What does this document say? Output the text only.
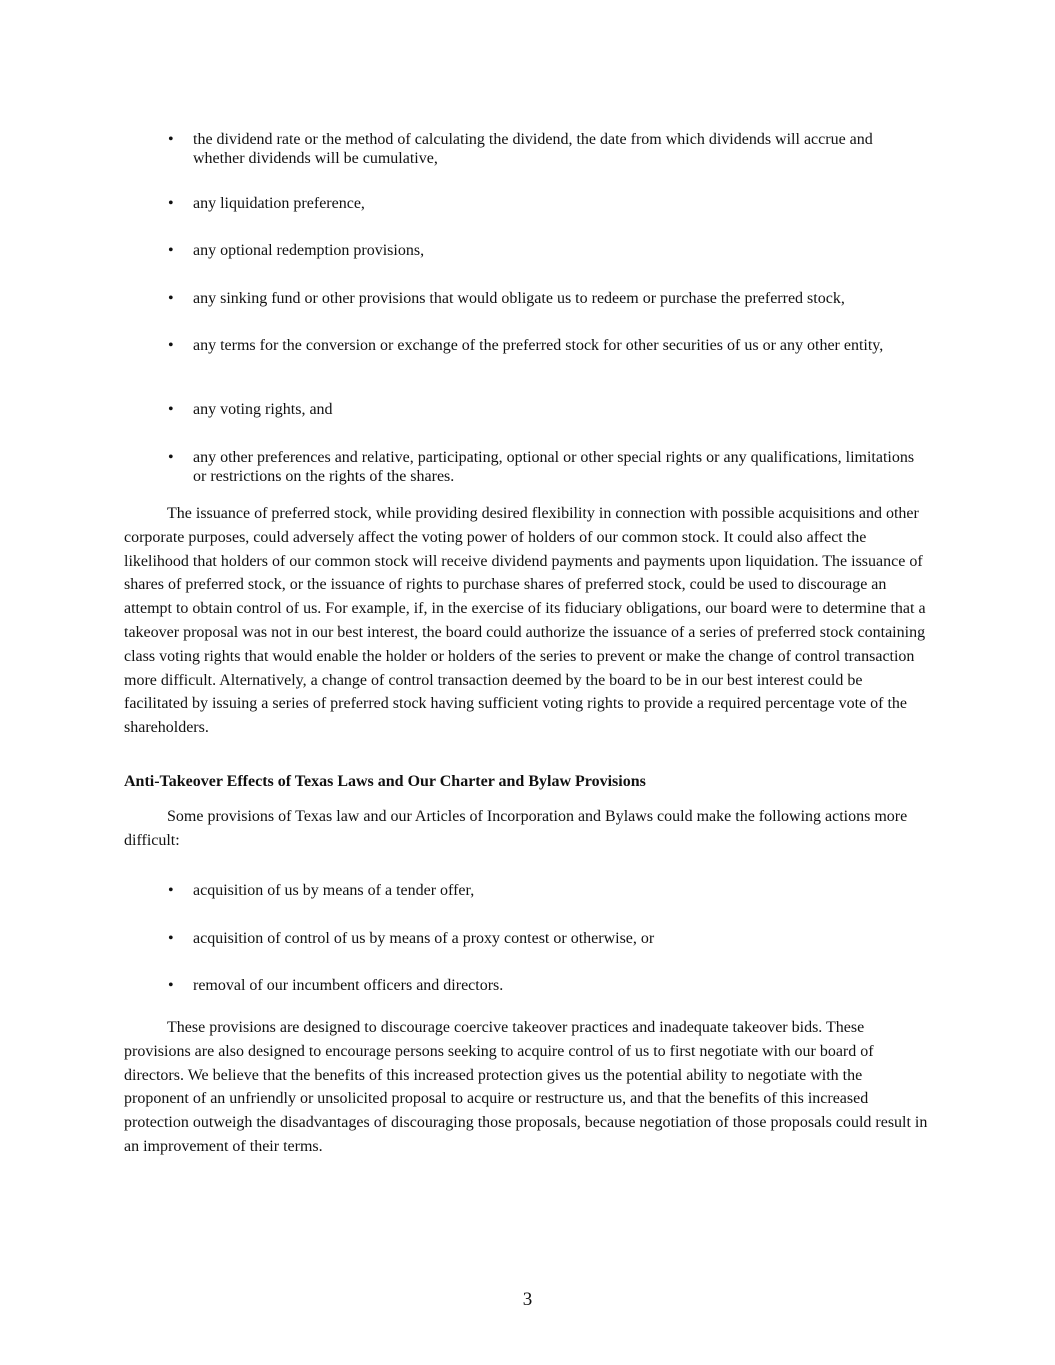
•	the dividend rate or the method of calculating the dividend, the date from which dividends will accrue and whether dividends will be cumulative,
•	any liquidation preference,
•	any optional redemption provisions,
•	any sinking fund or other provisions that would obligate us to redeem or purchase the preferred stock,
•	any terms for the conversion or exchange of the preferred stock for other securities of us or any other entity,
•	any voting rights, and
•	any other preferences and relative, participating, optional or other special rights or any qualifications, limitations or restrictions on the rights of the shares.

The issuance of preferred stock, while providing desired flexibility in connection with possible acquisitions and other corporate purposes, could adversely affect the voting power of holders of our common stock. It could also affect the likelihood that holders of our common stock will receive dividend payments and payments upon liquidation. The issuance of shares of preferred stock, or the issuance of rights to purchase shares of preferred stock, could be used to discourage an attempt to obtain control of us. For example, if, in the exercise of its fiduciary obligations, our board were to determine that a takeover proposal was not in our best interest, the board could authorize the issuance of a series of preferred stock containing class voting rights that would enable the holder or holders of the series to prevent or make the change of control transaction more difficult. Alternatively, a change of control transaction deemed by the board to be in our best interest could be facilitated by issuing a series of preferred stock having sufficient voting rights to provide a required percentage vote of the shareholders.

Anti-Takeover Effects of Texas Laws and Our Charter and Bylaw Provisions

Some provisions of Texas law and our Articles of Incorporation and Bylaws could make the following actions more difficult:

•	acquisition of us by means of a tender offer,
•	acquisition of control of us by means of a proxy contest or otherwise, or
•	removal of our incumbent officers and directors.

These provisions are designed to discourage coercive takeover practices and inadequate takeover bids. These provisions are also designed to encourage persons seeking to acquire control of us to first negotiate with our board of directors. We believe that the benefits of this increased protection gives us the potential ability to negotiate with the proponent of an unfriendly or unsolicited proposal to acquire or restructure us, and that the benefits of this increased protection outweigh the disadvantages of discouraging those proposals, because negotiation of those proposals could result in an improvement of their terms.

3
